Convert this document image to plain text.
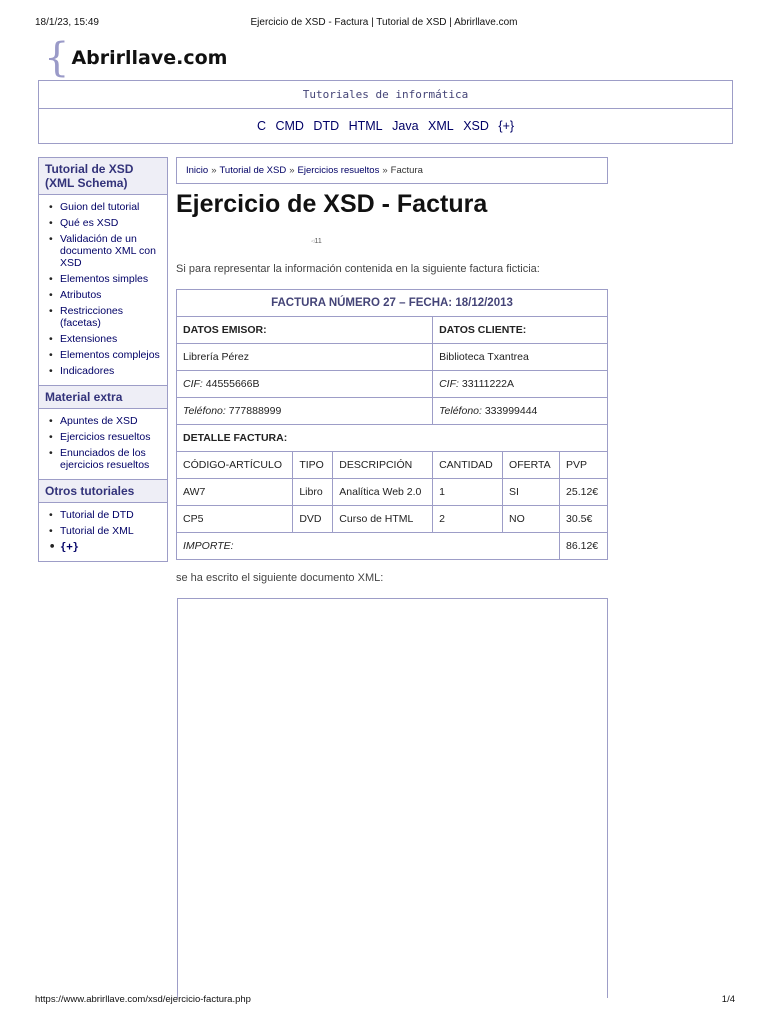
18/1/23, 15:49	Ejercicio de XSD - Factura | Tutorial de XSD | Abrirllave.com
{ Abrirllave.com
Tutoriales de informática
C CMD DTD HTML Java XML XSD {+}
Tutorial de XSD (XML Schema)
• Guion del tutorial
• Qué es XSD
• Validación de un documento XML con XSD
• Elementos simples
• Atributos
• Restricciones (facetas)
• Extensiones
• Elementos complejos
• Indicadores
Material extra
• Apuntes de XSD
• Ejercicios resueltos
• Enunciados de los ejercicios resueltos
Otros tutoriales
• Tutorial de DTD
• Tutorial de XML
• {+}
Inicio » Tutorial de XSD » Ejercicios resueltos » Factura
Ejercicio de XSD - Factura
◃11

Si para representar la información contenida en la siguiente factura ficticia:

FACTURA NÚMERO 27 – FECHA: 18/12/2013					
DATOS EMISOR:			DATOS CLIENTE:		
Librería Pérez			Biblioteca Txantrea		
CIF: 44555666B			CIF: 33111222A		
Teléfono: 777888999			Teléfono: 333999444		
DETALLE FACTURA:					
CÓDIGO-ARTÍCULO	TIPO	DESCRIPCIÓN	CANTIDAD	OFERTA	PVP
AW7	Libro	Analítica Web 2.0	1	SI	25.12€
CP5	DVD	Curso de HTML	2	NO	30.5€
IMPORTE:					86.12€

se ha escrito el siguiente documento XML:

https://www.abrirllave.com/xsd/ejercicio-factura.php	1/4
